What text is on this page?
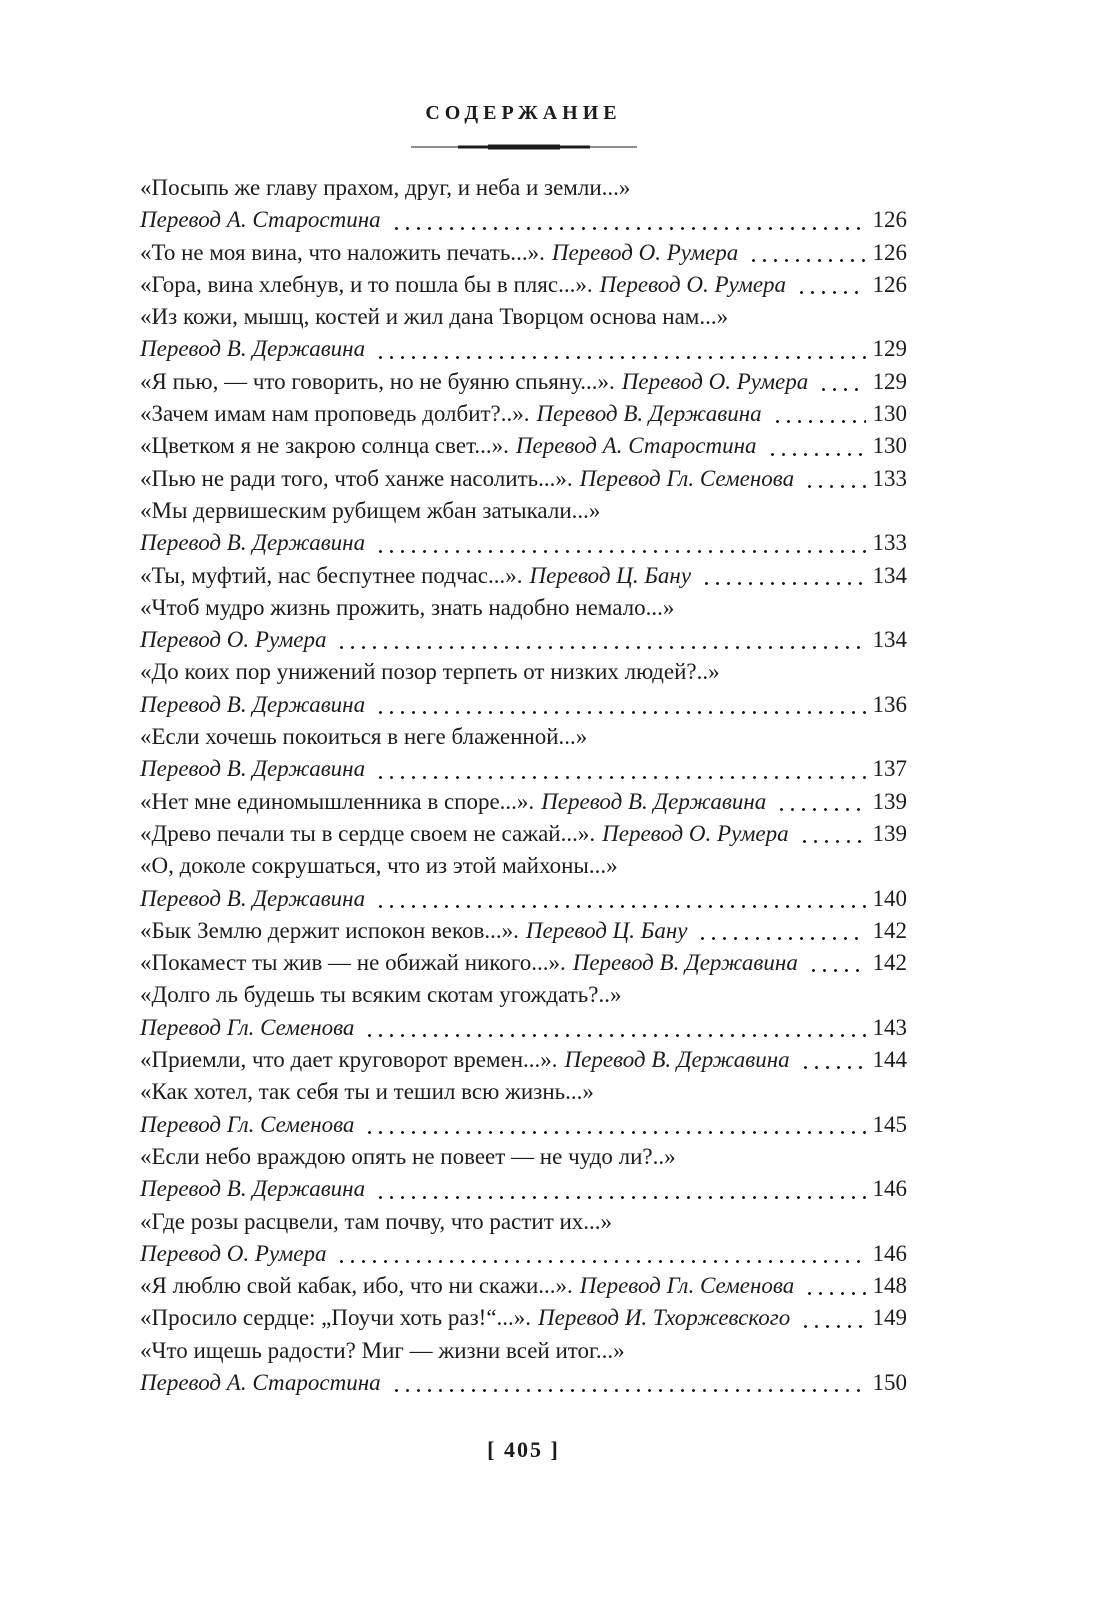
СОДЕРЖАНИЕ
«Посыпь же главу прахом, друг, и неба и земли...»
Перевод А. Старостина	126
«То не моя вина, что наложить печать...». Перевод О. Румера	126
«Гора, вина хлебнув, и то пошла бы в пляс...». Перевод О. Румера	126
«Из кожи, мышц, костей и жил дана Творцом основа нам...»
Перевод В. Державина	129
«Я пью, — что говорить, но не буяню спьяну...». Перевод О. Румера	129
«Зачем имам нам проповедь долбит?..». Перевод В. Державина	130
«Цветком я не закрою солнца свет...». Перевод А. Старостина	130
«Пью не ради того, чтоб ханже насолить...». Перевод Гл. Семенова	133
«Мы дервишеским рубищем жбан затыкали...»
Перевод В. Державина	133
«Ты, муфтий, нас беспутнее подчас...». Перевод Ц. Бану	134
«Чтоб мудро жизнь прожить, знать надобно немало...»
Перевод О. Румера	134
«До коих пор унижений позор терпеть от низких людей?..»
Перевод В. Державина	136
«Если хочешь покоиться в неге блаженной...»
Перевод В. Державина	137
«Нет мне единомышленника в споре...». Перевод В. Державина	139
«Древо печали ты в сердце своем не сажай...». Перевод О. Румера	139
«О, доколе сокрушаться, что из этой майхоны...»
Перевод В. Державина	140
«Бык Землю держит испокон веков...». Перевод Ц. Бану	142
«Покамест ты жив — не обижай никого...». Перевод В. Державина	142
«Долго ль будешь ты всяким скотам угождать?..»
Перевод Гл. Семенова	143
«Приемли, что дает круговорот времен...». Перевод В. Державина	144
«Как хотел, так себя ты и тешил всю жизнь...»
Перевод Гл. Семенова	145
«Если небо враждою опять не повеет — не чудо ли?..»
Перевод В. Державина	146
«Где розы расцвели, там почву, что растит их...»
Перевод О. Румера	146
«Я люблю свой кабак, ибо, что ни скажи...». Перевод Гл. Семенова	148
«Просило сердце: „Поучи хоть раз!“...». Перевод И. Тхоржевского	149
«Что ищешь радости? Миг — жизни всей итог...»
Перевод А. Старостина	150
[ 405 ]
